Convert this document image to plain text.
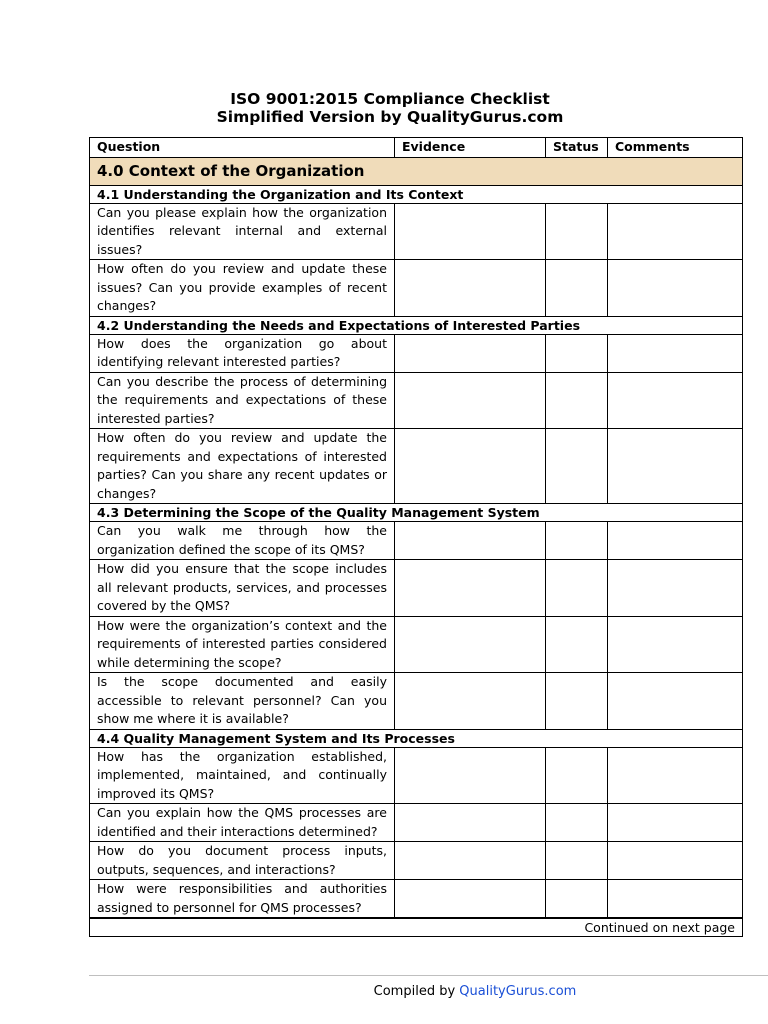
ISO 9001:2015 Compliance Checklist
Simplified Version by QualityGurus.com
Question	Evidence	Status	Comments
4.0 Context of the Organization			
4.1 Understanding the Organization and Its Context			
Can you please explain how the organization identifies relevant internal and external issues?			
How often do you review and update these issues? Can you provide examples of recent changes?			
4.2 Understanding the Needs and Expectations of Interested Parties			
How does the organization go about identifying relevant interested parties?			
Can you describe the process of determining the requirements and expectations of these interested parties?			
How often do you review and update the requirements and expectations of interested parties? Can you share any recent updates or changes?			
4.3 Determining the Scope of the Quality Management System			
Can you walk me through how the organization defined the scope of its QMS?			
How did you ensure that the scope includes all relevant products, services, and processes covered by the QMS?			
How were the organization’s context and the requirements of interested parties considered while determining the scope?			
Is the scope documented and easily accessible to relevant personnel? Can you show me where it is available?			
4.4 Quality Management System and Its Processes			
How has the organization established, implemented, maintained, and continually improved its QMS?			
Can you explain how the QMS processes are identified and their interactions determined?			
How do you document process inputs, outputs, sequences, and interactions?			
How were responsibilities and authorities assigned to personnel for QMS processes?			
Continued on next page			
Compiled by QualityGurus.com
